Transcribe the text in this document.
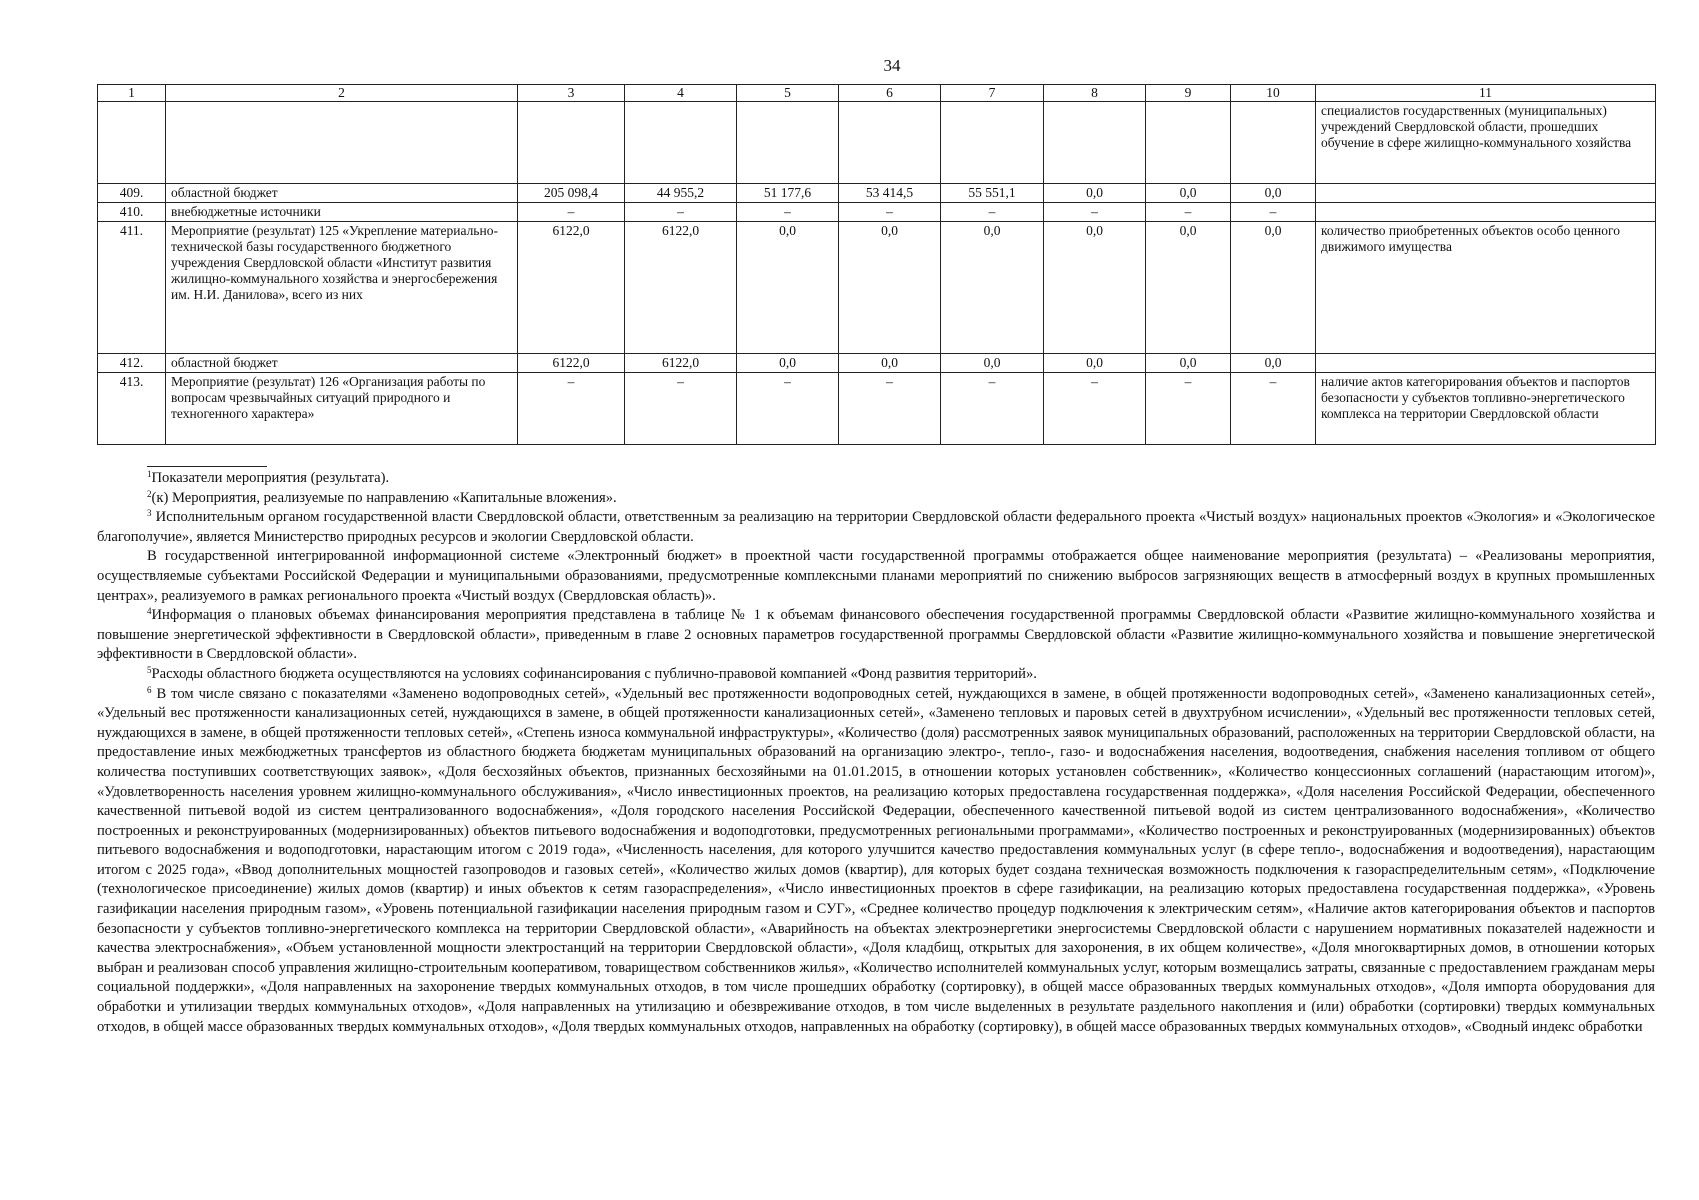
34
1	2	3	4	5	6	7	8	9	10	11
										специалистов государственных (муниципальных) учреждений Свердловской области, прошедших обучение в сфере жилищно-коммунального хозяйства
409.	областной бюджет	205 098,4	44 955,2	51 177,6	53 414,5	55 551,1	0,0	0,0	0,0	
410.	внебюджетные источники	–	–	–	–	–	–	–	–	
411.	Мероприятие (результат) 125 «Укрепление материально-технической базы государственного бюджетного учреждения Свердловской области «Институт развития жилищно-коммунального хозяйства и энергосбережения им. Н.И. Данилова», всего из них	6122,0	6122,0	0,0	0,0	0,0	0,0	0,0	0,0	количество приобретенных объектов особо ценного движимого имущества
412.	областной бюджет	6122,0	6122,0	0,0	0,0	0,0	0,0	0,0	0,0	
413.	Мероприятие (результат) 126 «Организация работы по вопросам чрезвычайных ситуаций природного и техногенного характера»	–	–	–	–	–	–	–	–	наличие актов категорирования объектов и паспортов безопасности у субъектов топливно-энергетического комплекса на территории Свердловской области

$^1$Показатели мероприятия (результата).

$^2$(к) Мероприятия, реализуемые по направлению «Капитальные вложения».

$^3$ Исполнительным органом государственной власти Свердловской области, ответственным за реализацию на территории Свердловской области федерального проекта «Чистый воздух» национальных проектов «Экология» и «Экологическое благополучие», является Министерство природных ресурсов и экологии Свердловской области.

В государственной интегрированной информационной системе «Электронный бюджет» в проектной части государственной программы отображается общее наименование мероприятия (результата) – «Реализованы мероприятия, осуществляемые субъектами Российской Федерации и муниципальными образованиями, предусмотренные комплексными планами мероприятий по снижению выбросов загрязняющих веществ в атмосферный воздух в крупных промышленных центрах», реализуемого в рамках регионального проекта «Чистый воздух (Свердловская область)».

$^4$Информация о плановых объемах финансирования мероприятия представлена в таблице № 1 к объемам финансового обеспечения государственной программы Свердловской области «Развитие жилищно-коммунального хозяйства и повышение энергетической эффективности в Свердловской области», приведенным в главе 2 основных параметров государственной программы Свердловской области «Развитие жилищно-коммунального хозяйства и повышение энергетической эффективности в Свердловской области».

$^5$Расходы областного бюджета осуществляются на условиях софинансирования с публично-правовой компанией «Фонд развития территорий».

$^6$ В том числе связано с показателями «Заменено водопроводных сетей», «Удельный вес протяженности водопроводных сетей, нуждающихся в замене, в общей протяженности водопроводных сетей», «Заменено канализационных сетей», «Удельный вес протяженности канализационных сетей, нуждающихся в замене, в общей протяженности канализационных сетей», «Заменено тепловых и паровых сетей в двухтрубном исчислении», «Удельный вес протяженности тепловых сетей, нуждающихся в замене, в общей протяженности тепловых сетей», «Степень износа коммунальной инфраструктуры», «Количество (доля) рассмотренных заявок муниципальных образований, расположенных на территории Свердловской области, на предоставление иных межбюджетных трансфертов из областного бюджета бюджетам муниципальных образований на организацию электро-, тепло-, газо- и водоснабжения населения, водоотведения, снабжения населения топливом от общего количества поступивших соответствующих заявок», «Доля бесхозяйных объектов, признанных бесхозяйными на 01.01.2015, в отношении которых установлен собственник», «Количество концессионных соглашений (нарастающим итогом)», «Удовлетворенность населения уровнем жилищно-коммунального обслуживания», «Число инвестиционных проектов, на реализацию которых предоставлена государственная поддержка», «Доля населения Российской Федерации, обеспеченного качественной питьевой водой из систем централизованного водоснабжения», «Доля городского населения Российской Федерации, обеспеченного качественной питьевой водой из систем централизованного водоснабжения», «Количество построенных и реконструированных (модернизированных) объектов питьевого водоснабжения и водоподготовки, предусмотренных региональными программами», «Количество построенных и реконструированных (модернизированных) объектов питьевого водоснабжения и водоподготовки, нарастающим итогом с 2019 года», «Численность населения, для которого улучшится качество предоставления коммунальных услуг (в сфере тепло-, водоснабжения и водоотведения), нарастающим итогом с 2025 года», «Ввод дополнительных мощностей газопроводов и газовых сетей», «Количество жилых домов (квартир), для которых будет создана техническая возможность подключения к газораспределительным сетям», «Подключение (технологическое присоединение) жилых домов (квартир) и иных объектов к сетям газораспределения», «Число инвестиционных проектов в сфере газификации, на реализацию которых предоставлена государственная поддержка», «Уровень газификации населения природным газом», «Уровень потенциальной газификации населения природным газом и СУГ», «Среднее количество процедур подключения к электрическим сетям», «Наличие актов категорирования объектов и паспортов безопасности у субъектов топливно-энергетического комплекса на территории Свердловской области», «Аварийность на объектах электроэнергетики энергосистемы Свердловской области с нарушением нормативных показателей надежности и качества электроснабжения», «Объем установленной мощности электростанций на территории Свердловской области», «Доля кладбищ, открытых для захоронения, в их общем количестве», «Доля многоквартирных домов, в отношении которых выбран и реализован способ управления жилищно-строительным кооперативом, товариществом собственников жилья», «Количество исполнителей коммунальных услуг, которым возмещались затраты, связанные с предоставлением гражданам меры социальной поддержки», «Доля направленных на захоронение твердых коммунальных отходов, в том числе прошедших обработку (сортировку), в общей массе образованных твердых коммунальных отходов», «Доля импорта оборудования для обработки и утилизации твердых коммунальных отходов», «Доля направленных на утилизацию и обезвреживание отходов, в том числе выделенных в результате раздельного накопления и (или) обработки (сортировки) твердых коммунальных отходов, в общей массе образованных твердых коммунальных отходов», «Доля твердых коммунальных отходов, направленных на обработку (сортировку), в общей массе образованных твердых коммунальных отходов», «Сводный индекс обработки
